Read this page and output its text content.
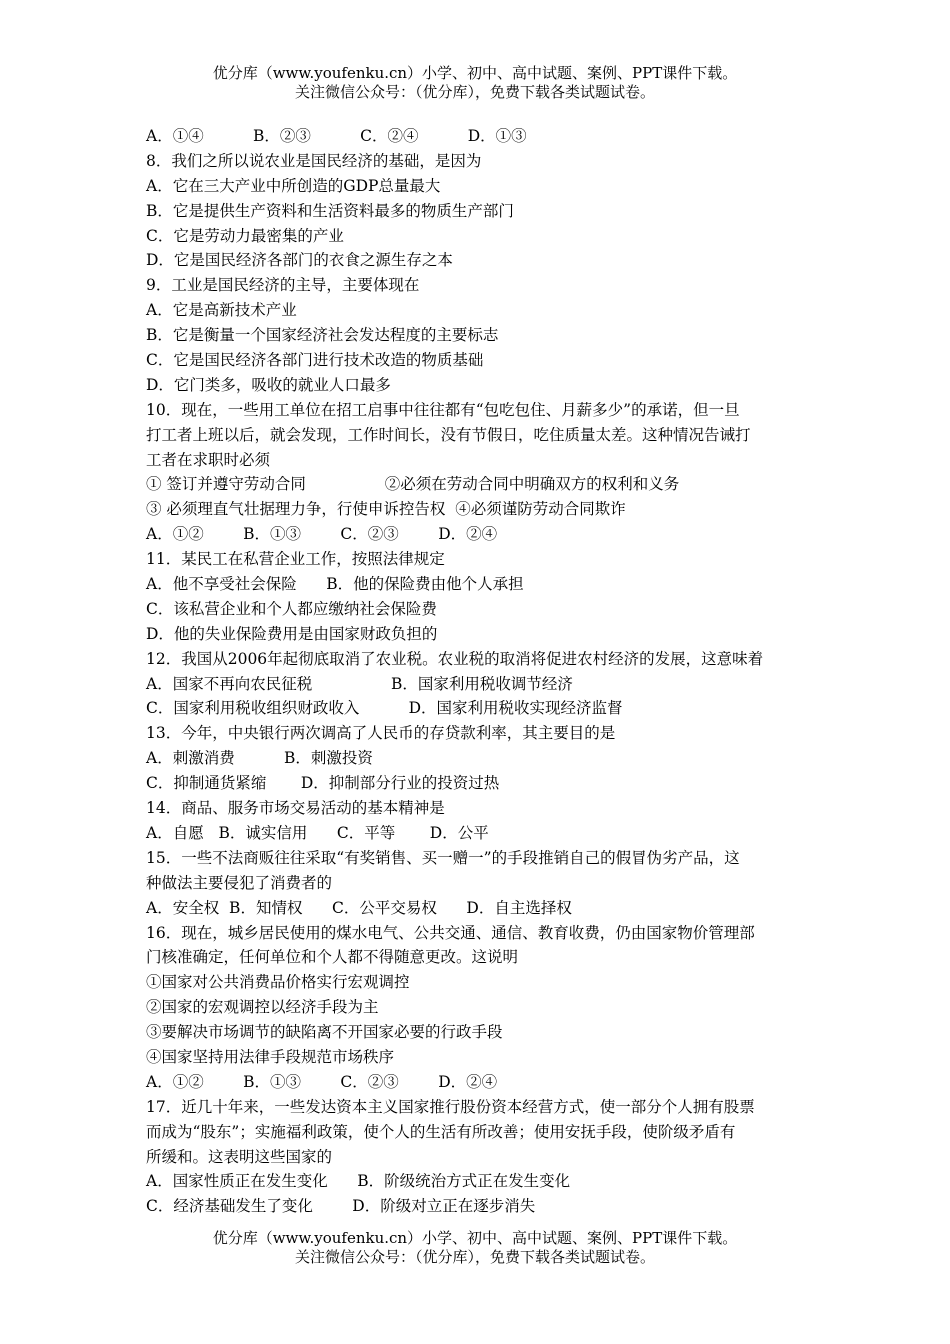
优分库（www.youfenku.cn）小学、初中、高中试题、案例、PPT课件下载。
关注微信公众号：（优分库），免费下载各类试题试卷。
A．①④          B．②③          C．②④          D．①③
8．我们之所以说农业是国民经济的基础，是因为
A．它在三大产业中所创造的GDP总量最大
B．它是提供生产资料和生活资料最多的物质生产部门
C．它是劳动力最密集的产业
D．它是国民经济各部门的衣食之源生存之本
9．工业是国民经济的主导，主要体现在
A．它是高新技术产业
B．它是衡量一个国家经济社会发达程度的主要标志
C．它是国民经济各部门进行技术改造的物质基础
D．它门类多，吸收的就业人口最多
10．现在，一些用工单位在招工启事中往往都有“包吃包住、月薪多少”的承诺，但一旦
打工者上班以后，就会发现，工作时间长，没有节假日，吃住质量太差。这种情况告诫打
工者在求职时必须
① 签订并遵守劳动合同                ②必须在劳动合同中明确双方的权利和义务
③ 必须理直气壮据理力争，行使申诉控告权  ④必须谨防劳动合同欺诈
A．①②        B．①③        C．②③        D．②④
11．某民工在私营企业工作，按照法律规定
A．他不享受社会保险      B．他的保险费由他个人承担
C．该私营企业和个人都应缴纳社会保险费
D．他的失业保险费用是由国家财政负担的
12．我国从2006年起彻底取消了农业税。农业税的取消将促进农村经济的发展，这意味着
A．国家不再向农民征税                B．国家利用税收调节经济
C．国家利用税收组织财政收入          D．国家利用税收实现经济监督
13．今年，中央银行两次调高了人民币的存贷款利率，其主要目的是
A．刺激消费          B．刺激投资
C．抑制通货紧缩       D．抑制部分行业的投资过热
14．商品、服务市场交易活动的基本精神是
A．自愿   B．诚实信用      C．平等       D．公平
15．一些不法商贩往往采取“有奖销售、买一赠一”的手段推销自己的假冒伪劣产品，这
种做法主要侵犯了消费者的
A．安全权  B．知情权      C．公平交易权      D．自主选择权
16．现在，城乡居民使用的煤水电气、公共交通、通信、教育收费，仍由国家物价管理部
门核准确定，任何单位和个人都不得随意更改。这说明
①国家对公共消费品价格实行宏观调控
②国家的宏观调控以经济手段为主
③要解决市场调节的缺陷离不开国家必要的行政手段
④国家坚持用法律手段规范市场秩序
A．①②        B．①③        C．②③        D．②④
17．近几十年来，一些发达资本主义国家推行股份资本经营方式，使一部分个人拥有股票
而成为“股东”；实施福利政策，使个人的生活有所改善；使用安抚手段，使阶级矛盾有
所缓和。这表明这些国家的
A．国家性质正在发生变化      B．阶级统治方式正在发生变化
C．经济基础发生了变化        D．阶级对立正在逐步消失
优分库（www.youfenku.cn）小学、初中、高中试题、案例、PPT课件下载。
关注微信公众号：（优分库），免费下载各类试题试卷。
